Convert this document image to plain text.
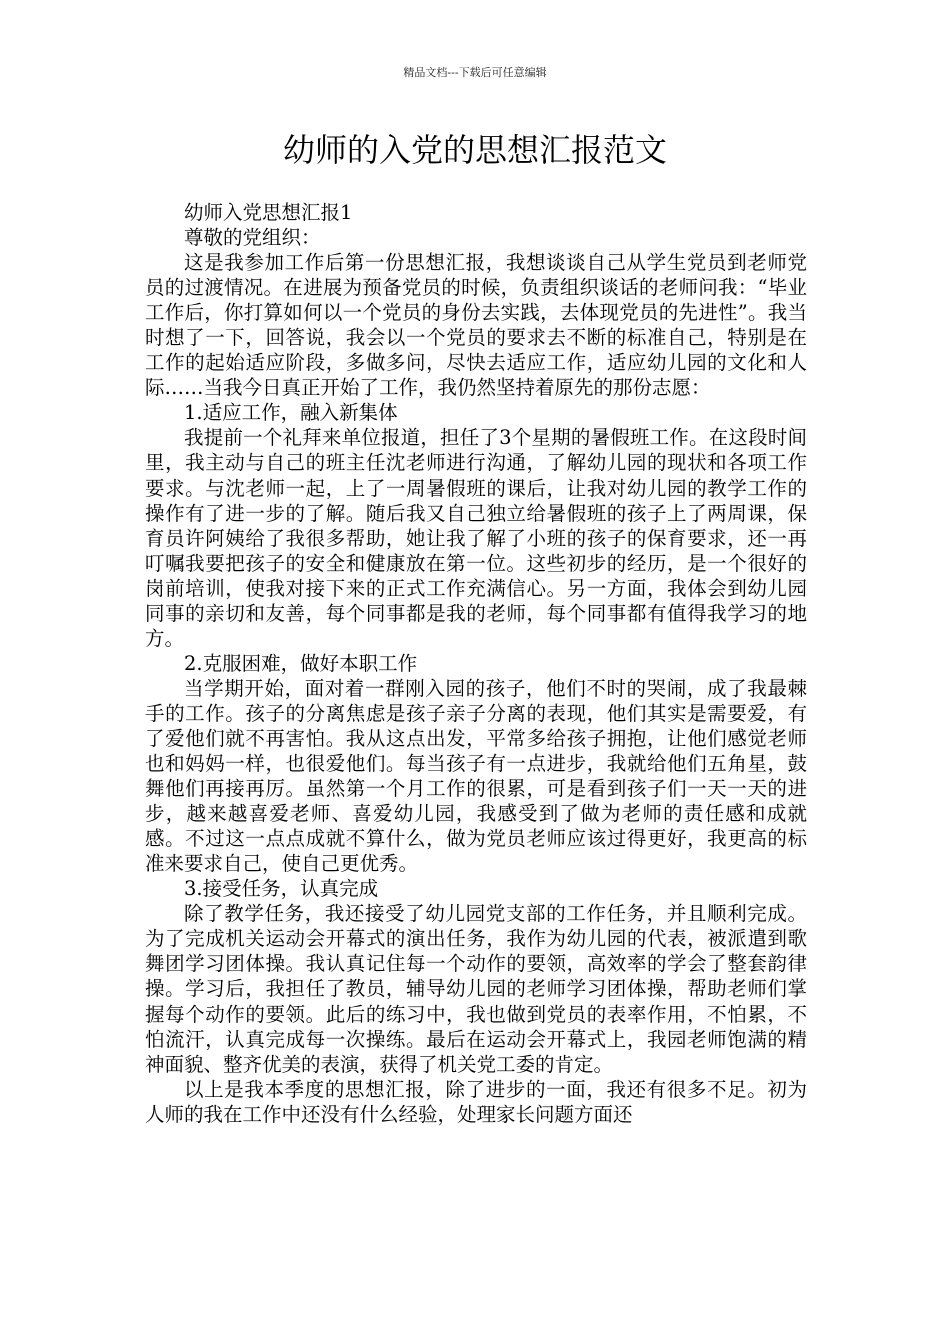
精品文档---下载后可任意编辑
幼师的入党的思想汇报范文

幼师入党思想汇报1

尊敬的党组织：

这是我参加工作后第一份思想汇报，我想谈谈自己从学生党员到老师党员的过渡情况。在进展为预备党员的时候，负责组织谈话的老师问我：“毕业工作后，你打算如何以一个党员的身份去实践，去体现党员的先进性”。我当时想了一下，回答说，我会以一个党员的要求去不断的标准自己，特别是在工作的起始适应阶段，多做多问，尽快去适应工作，适应幼儿园的文化和人际……当我今日真正开始了工作，我仍然坚持着原先的那份志愿：

1.适应工作，融入新集体

我提前一个礼拜来单位报道，担任了3个星期的暑假班工作。在这段时间里，我主动与自己的班主任沈老师进行沟通，了解幼儿园的现状和各项工作要求。与沈老师一起，上了一周暑假班的课后，让我对幼儿园的教学工作的操作有了进一步的了解。随后我又自己独立给暑假班的孩子上了两周课，保育员许阿姨给了我很多帮助，她让我了解了小班的孩子的保育要求，还一再叮嘱我要把孩子的安全和健康放在第一位。这些初步的经历，是一个很好的岗前培训，使我对接下来的正式工作充满信心。另一方面，我体会到幼儿园同事的亲切和友善，每个同事都是我的老师，每个同事都有值得我学习的地方。

2.克服困难，做好本职工作

当学期开始，面对着一群刚入园的孩子，他们不时的哭闹，成了我最棘手的工作。孩子的分离焦虑是孩子亲子分离的表现，他们其实是需要爱，有了爱他们就不再害怕。我从这点出发，平常多给孩子拥抱，让他们感觉老师也和妈妈一样，也很爱他们。每当孩子有一点进步，我就给他们五角星，鼓舞他们再接再厉。虽然第一个月工作的很累，可是看到孩子们一天一天的进步，越来越喜爱老师、喜爱幼儿园，我感受到了做为老师的责任感和成就感。不过这一点点成就不算什么，做为党员老师应该过得更好，我更高的标准来要求自己，使自己更优秀。

3.接受任务，认真完成

除了教学任务，我还接受了幼儿园党支部的工作任务，并且顺利完成。为了完成机关运动会开幕式的演出任务，我作为幼儿园的代表，被派遣到歌舞团学习团体操。我认真记住每一个动作的要领，高效率的学会了整套韵律操。学习后，我担任了教员，辅导幼儿园的老师学习团体操，帮助老师们掌握每个动作的要领。此后的练习中，我也做到党员的表率作用，不怕累，不怕流汗，认真完成每一次操练。最后在运动会开幕式上，我园老师饱满的精神面貌、整齐优美的表演，获得了机关党工委的肯定。

以上是我本季度的思想汇报，除了进步的一面，我还有很多不足。初为人师的我在工作中还没有什么经验，处理家长问题方面还
